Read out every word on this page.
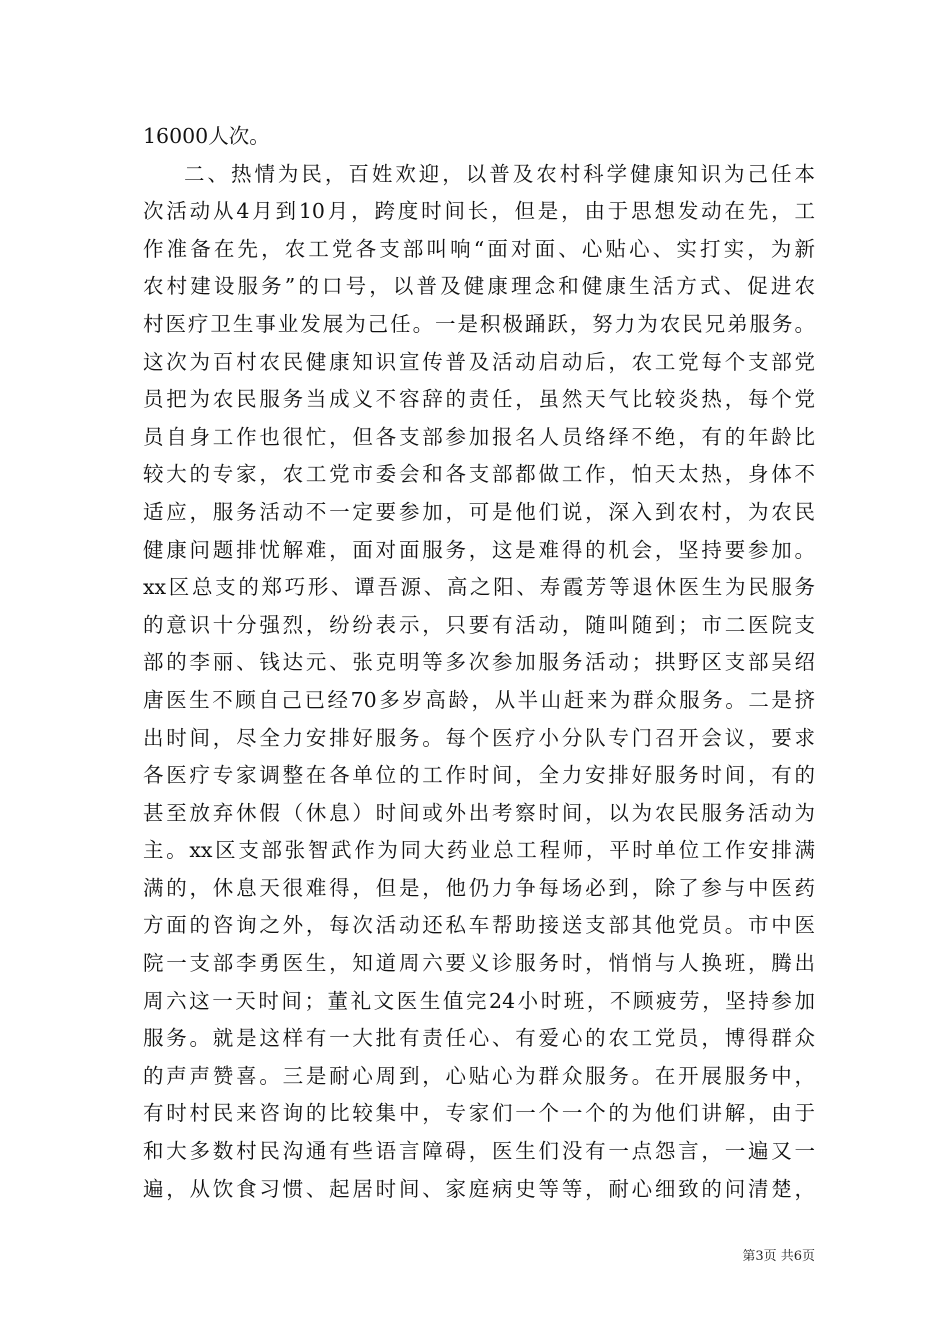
16000人次。
二、热情为民，百姓欢迎，以普及农村科学健康知识为己任本
次活动从4月到10月，跨度时间长，但是，由于思想发动在先，工
作准备在先，农工党各支部叫响“面对面、心贴心、实打实，为新
农村建设服务”的口号，以普及健康理念和健康生活方式、促进农
村医疗卫生事业发展为己任。一是积极踊跃，努力为农民兄弟服务。
这次为百村农民健康知识宣传普及活动启动后，农工党每个支部党
员把为农民服务当成义不容辞的责任，虽然天气比较炎热，每个党
员自身工作也很忙，但各支部参加报名人员络绎不绝，有的年龄比
较大的专家，农工党市委会和各支部都做工作，怕天太热，身体不
适应，服务活动不一定要参加，可是他们说，深入到农村，为农民
健康问题排忧解难，面对面服务，这是难得的机会，坚持要参加。
xx区总支的郑巧形、谭吾源、高之阳、寿霞芳等退休医生为民服务
的意识十分强烈，纷纷表示，只要有活动，随叫随到；市二医院支
部的李丽、钱达元、张克明等多次参加服务活动；拱野区支部吴绍
唐医生不顾自己已经70多岁高龄，从半山赶来为群众服务。二是挤
出时间，尽全力安排好服务。每个医疗小分队专门召开会议，要求
各医疗专家调整在各单位的工作时间，全力安排好服务时间，有的
甚至放弃休假（休息）时间或外出考察时间，以为农民服务活动为
主。xx区支部张智武作为同大药业总工程师，平时单位工作安排满
满的，休息天很难得，但是，他仍力争每场必到，除了参与中医药
方面的咨询之外，每次活动还私车帮助接送支部其他党员。市中医
院一支部李勇医生，知道周六要义诊服务时，悄悄与人换班，腾出
周六这一天时间；董礼文医生值完24小时班，不顾疲劳，坚持参加
服务。就是这样有一大批有责任心、有爱心的农工党员，博得群众
的声声赞喜。三是耐心周到，心贴心为群众服务。在开展服务中，
有时村民来咨询的比较集中，专家们一个一个的为他们讲解，由于
和大多数村民沟通有些语言障碍，医生们没有一点怨言，一遍又一
遍，从饮食习惯、起居时间、家庭病史等等，耐心细致的问清楚，
第3页 共6页
